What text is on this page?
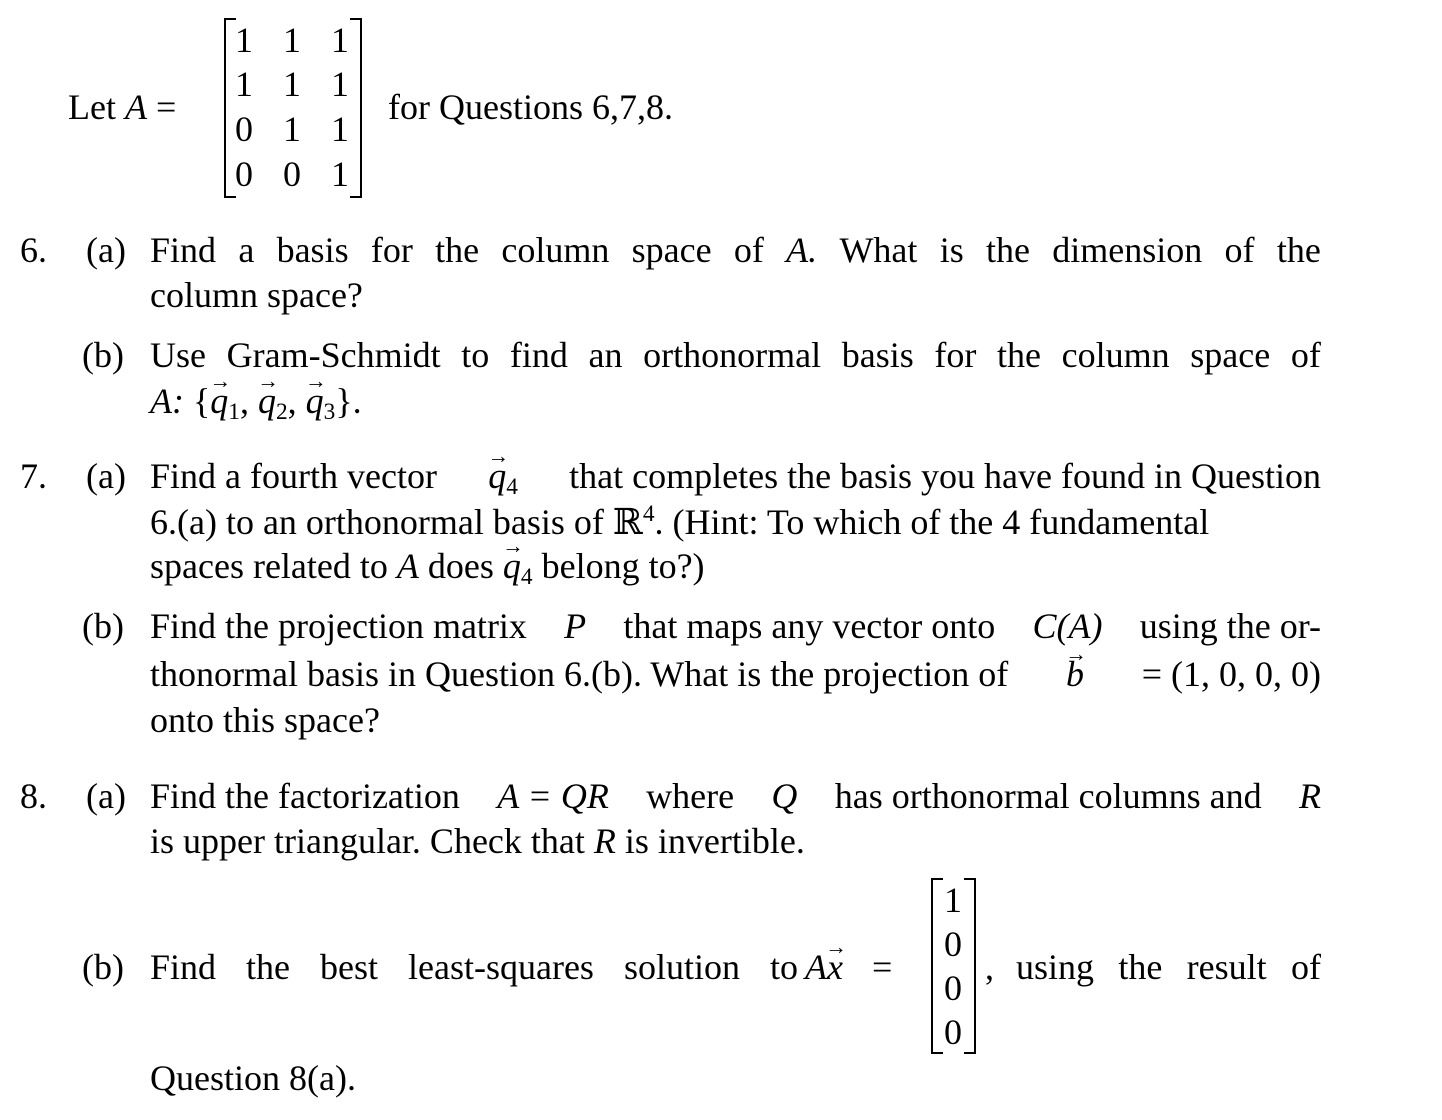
Let A =
1 1 1
1 1 1
0 1 1
0 0 1
for Questions 6,7,8.
6. (a) Find a basis for the column space of A. What is the dimension of the
column space?
(b) Use Gram-Schmidt to find an orthonormal basis for the column space of
A: {→ $q_1$, → $q_2$, → $q_3$}.
7. (a) Find a fourth vector → $q_4$ that completes the basis you have found in Question
6.(a) to an orthonormal basis of ℝ$^4$. (Hint: To which of the 4 fundamental
spaces related to A does → $q_4$ belong to?)
(b) Find the projection matrix P that maps any vector onto C(A) using the or-
thonormal basis in Question 6.(b). What is the projection of → b = (1, 0, 0, 0)
onto this space?
8. (a) Find the factorization A = QR where Q has orthonormal columns and R
is upper triangular. Check that R is invertible.
(b) Find the best least-squares solution to A→ x =
1
0
0
0
, using the result of
Question 8(a).
